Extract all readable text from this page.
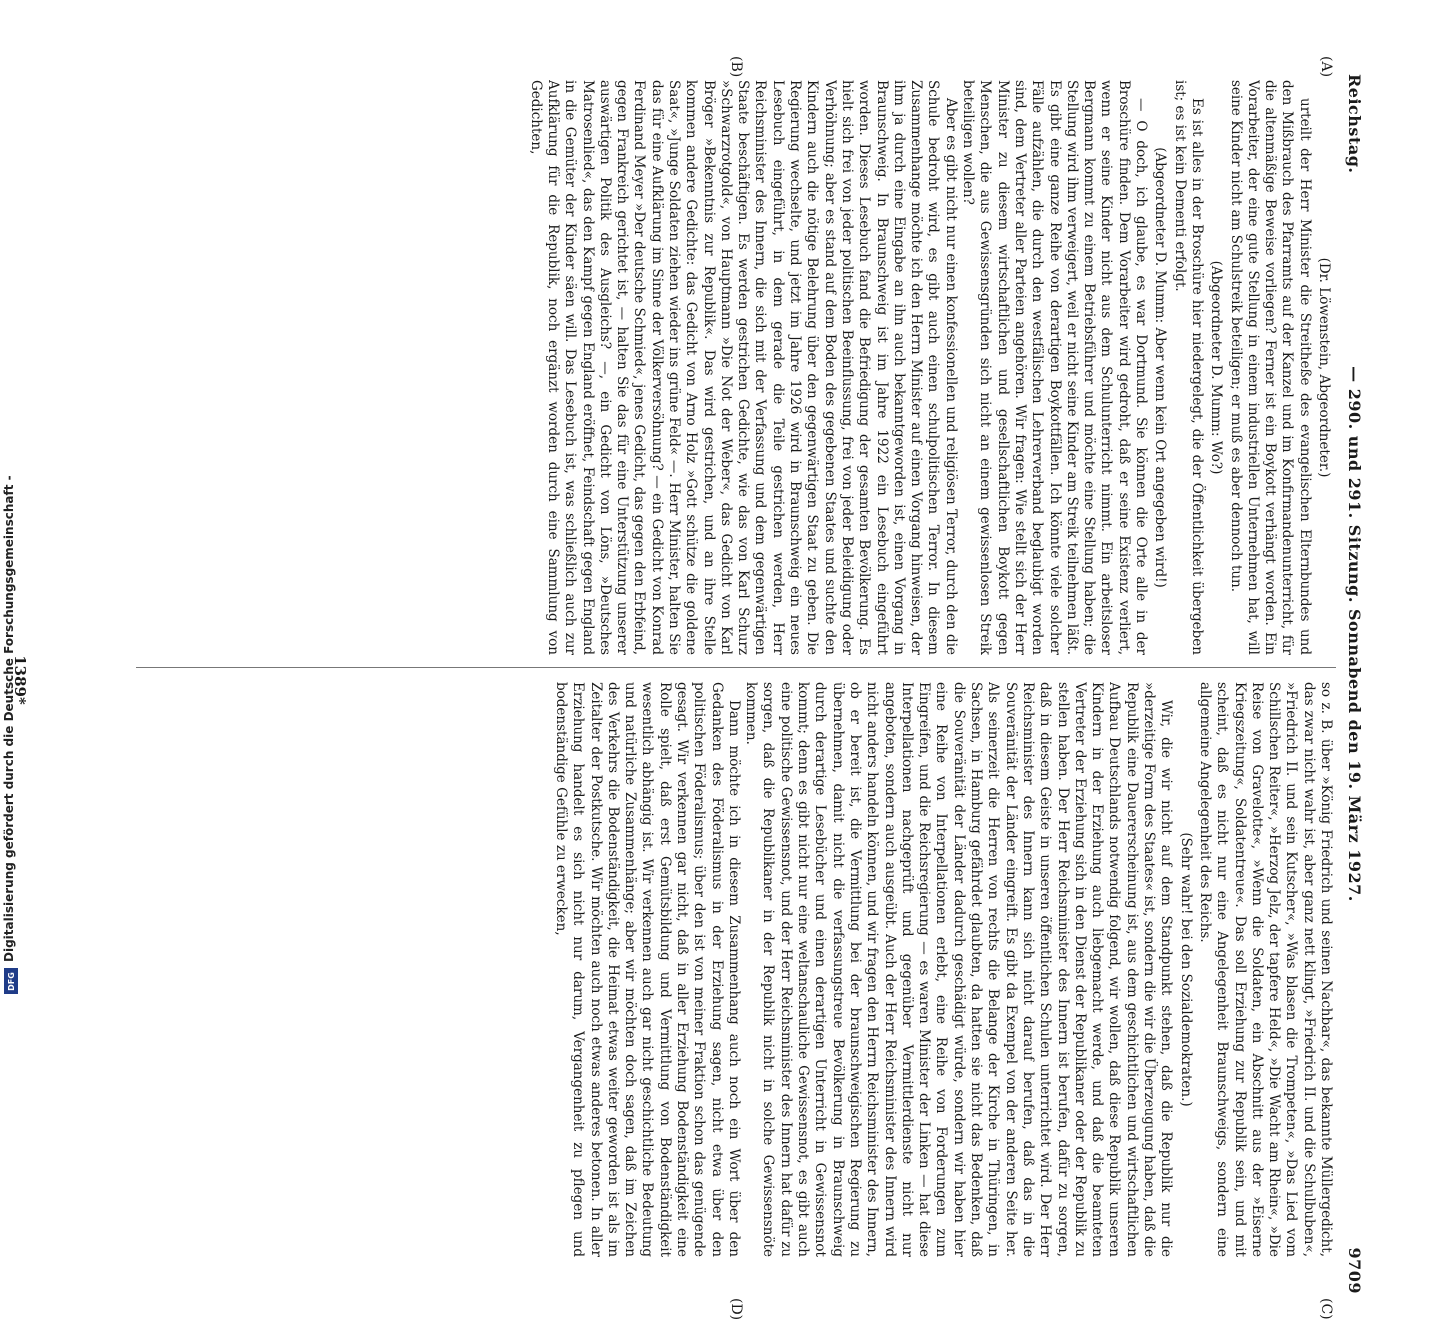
Reichstag.
— 290. und 291. Sitzung. Sonnabend den 19. März 1927.
9709
(A)
(B)
(C)
(D)

(Dr. Löwenstein, Abgeordneter.)

urteilt der Herr Minister die Streitheße des evangelischen Elternbundes und den Mißbrauch des Pfarramts auf der Kanzel und im Konfirmandenunterricht, für die altenmäßige Beweise vorliegen? Ferner ist ein Boykott verhängt worden. Ein Vorarbeiter, der eine gute Stellung in einem industriellen Unternehmen hat, will seine Kinder nicht am Schulstreik beteiligen; er muß es aber dennoch tun.

(Abgeordneter D. Mumm: Wo?)

Es ist alles in der Broschüre hier niedergelegt, die der Öffentlichkeit übergeben ist; es ist kein Dementi erfolgt.

(Abgeordneter D. Mumm: Aber wenn kein Ort angegeben wird!)

— O doch, ich glaube, es war Dortmund. Sie können die Orte alle in der Broschüre finden. Dem Vorarbeiter wird gedroht, daß er seine Existenz verliert, wenn er seine Kinder nicht aus dem Schulunterricht nimmt. Ein arbeitsloser Bergmann kommt zu einem Betriebsführer und möchte eine Stellung haben; die Stellung wird ihm verweigert, weil er nicht seine Kinder am Streik teilnehmen läßt. Es gibt eine ganze Reihe von derartigen Boykottfällen. Ich könnte viele solcher Fälle aufzählen, die durch den westfälischen Lehrerverband beglaubigt worden sind, dem Vertreter aller Parteien angehören. Wir fragen: Wie stellt sich der Herr Minister zu diesem wirtschaftlichen und gesellschaftlichen Boykott gegen Menschen, die aus Gewissensgründen sich nicht an einem gewissenlosen Streik beteiligen wollen?

Aber es gibt nicht nur einen konfessionellen und religiösen Terror, durch den die Schule bedroht wird, es gibt auch einen schulpolitischen Terror. In diesem Zusammenhange möchte ich den Herrn Minister auf einen Vorgang hinweisen, der ihm ja durch eine Eingabe an ihn auch bekanntgeworden ist, einen Vorgang in Braunschweig. In Braunschweig ist im Jahre 1922 ein Lesebuch eingeführt worden. Dieses Lesebuch fand die Befriedigung der gesamten Bevölkerung. Es hielt sich frei von jeder politischen Beeinflussung, frei von jeder Beleidigung oder Verhöhnung; aber es stand auf dem Boden des gegebenen Staates und suchte den Kindern auch die nötige Belehrung über den gegenwärtigen Staat zu geben. Die Regierung wechselte, und jetzt im Jahre 1926 wird in Braunschweig ein neues Lesebuch eingeführt, in dem gerade die Teile gestrichen werden, Herr Reichsminister des Innern, die sich mit der Verfassung und dem gegenwärtigen Staate beschäftigen. Es werden gestrichen Gedichte, wie das von Karl Schurz »Schwarzrotgold«, von Hauptmann »Die Not der Weber«, das Gedicht von Karl Bröger »Bekenntnis zur Republik«. Das wird gestrichen, und an ihre Stelle kommen andere Gedichte: das Gedicht von Arno Holz »Gott schütze die goldene Saat«, »Junge Soldaten ziehen wieder ins grüne Feld« —. Herr Minister, halten Sie das für eine Aufklärung im Sinne der Völkerversöhnung? — ein Gedicht von Konrad Ferdinand Meyer »Der deutsche Schmied«, jenes Gedicht, das gegen den Erbfeind, gegen Frankreich gerichtet ist, — halten Sie das für eine Unterstützung unserer auswärtigen Politik des Ausgleichs? —, ein Gedicht von Löns, »Deutsches Matrosenlied«, das den Kampf gegen England eröffnet, Feindschaft gegen England in die Gemüter der Kinder säen will. Das Lesebuch ist, was schließlich auch zur Aufklärung für die Republik, noch ergänzt worden durch eine Sammlung von Gedichten,

so z. B. über »König Friedrich und seinen Nachbar«, das bekannte Müllergedicht, das zwar nicht wahr ist, aber ganz nett klingt, »Friedrich II. und die Schulbuben«, »Friedrich II. und sein Kutscher«, »Was blasen die Trompeten«, »Das Lied vom Schillschen Reiter«, »Herzog Jelz, der tapfere Held«, »Die Wacht am Rhein«, »Die Reise von Gravelotte«, »Wenn die Soldaten, ein Abschnitt aus der »Eiserne Kriegszeitung«, Soldatentreue«. Das soll Erziehung zur Republik sein, und mit scheint, daß es nicht nur eine Angelegenheit Braunschweigs, sondern eine allgemeine Angelegenheit des Reichs.

(Sehr wahr! bei den Sozialdemokraten.)

Wir, die wir nicht auf dem Standpunkt stehen, daß die Republik nur die »derzeitige Form des Staates« ist, sondern die wir die Überzeugung haben, daß die Republik eine Dauererscheinung ist, aus dem geschichtlichen und wirtschaftlichen Aufbau Deutschlands notwendig folgend, wir wollen, daß diese Republik unseren Kindern in der Erziehung auch liebgemacht werde, und daß die beamteten Vertreter der Erziehung sich in den Dienst der Republikaner oder der Republik zu stellen haben. Der Herr Reichsminister des Innern ist berufen, dafür zu sorgen, daß in diesem Geiste in unseren öffentlichen Schulen unterrichtet wird. Der Herr Reichsminister des Innern kann sich nicht darauf berufen, daß das in die Souveränität der Länder eingreift. Es gibt da Exempel von der anderen Seite her. Als seinerzeit die Herren von rechts die Belange der Kirche in Thüringen, in Sachsen, in Hamburg gefährdet glaubten, da hatten sie nicht das Bedenken, daß die Souveränität der Länder dadurch geschädigt würde, sondern wir haben hier eine Reihe von Interpellationen erlebt, eine Reihe von Forderungen zum Eingreifen, und die Reichsregierung — es waren Minister der Linken — hat diese Interpellationen nachgeprüft und gegenüber Vermittlerdienste nicht nur angeboten, sondern auch ausgeübt. Auch der Herr Reichsminister des Innern wird nicht anders handeln können, und wir fragen den Herrn Reichsminister des Innern, ob er bereit ist, die Vermittlung bei der braunschweigischen Regierung zu übernehmen, damit nicht die verfassungstreue Bevölkerung in Braunschweig durch derartige Lesebücher und einen derartigen Unterricht in Gewissensnot kommt; denn es gibt nicht nur eine weltanschauliche Gewissensnot, es gibt auch eine politische Gewissensnot, und der Herr Reichsminister des Innern hat dafür zu sorgen, daß die Republikaner in der Republik nicht in solche Gewissensnöte kommen.

Dann möchte ich in diesem Zusammenhang auch noch ein Wort über den Gedanken des Föderalismus in der Erziehung sagen, nicht etwa über den politischen Föderalismus; über den ist von meiner Fraktion schon das genügende gesagt. Wir verkennen gar nicht, daß in aller Erziehung Bodenständigkeit eine Rolle spielt, daß erst Gemütsbildung und Vermittlung von Bodenständigkeit wesentlich abhängig ist. Wir verkennen auch gar nicht geschichtliche Bedeutung und natürliche Zusammenhänge; aber wir möchten doch sagen, daß im Zeichen des Verkehrs die Bodenständigkeit, die Heimat etwas weiter geworden ist als im Zeitalter der Postkutsche. Wir möchten auch noch etwas anderes betonen. In aller Erziehung handelt es sich nicht nur darum, Vergangenheit zu pflegen und bodenständige Gefühle zu erwecken,

1389*
Digitalisierung gefördert durch die Deutsche Forschungsgemeinschaft -
DFG
